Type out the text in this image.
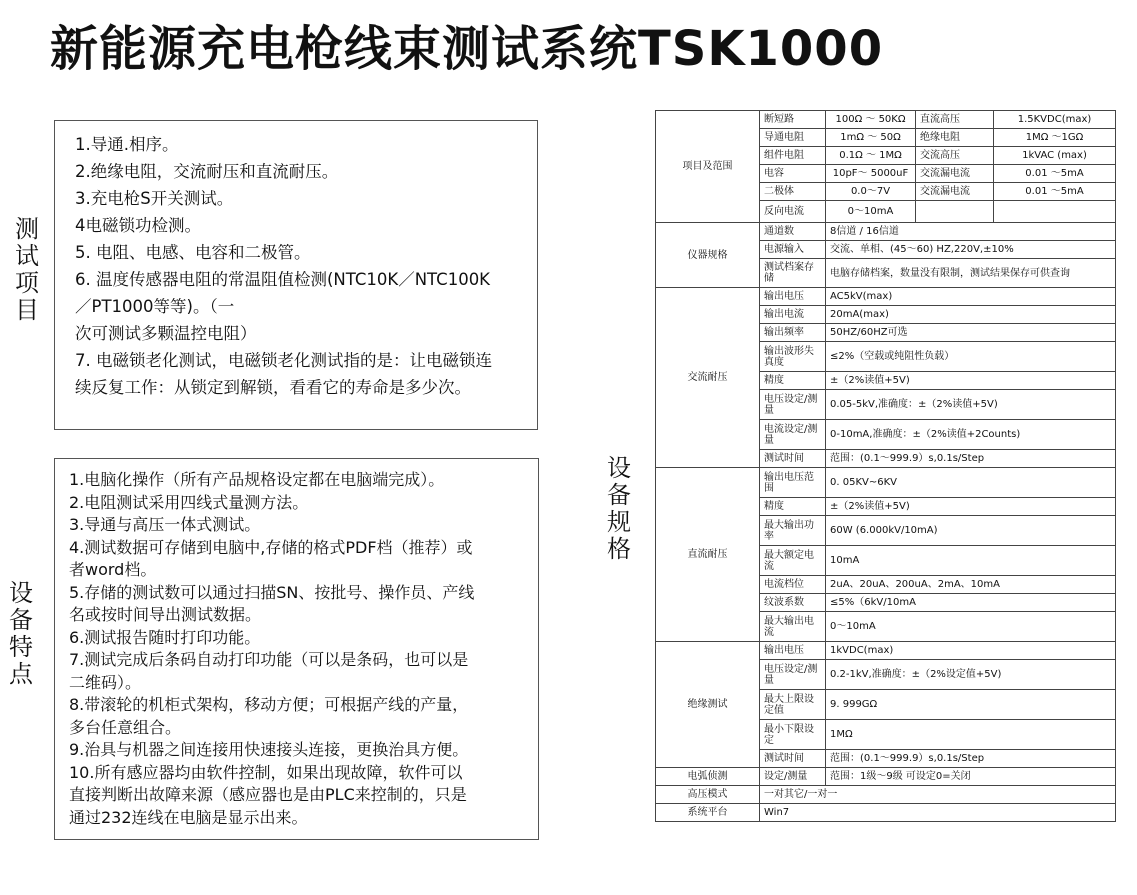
新能源充电枪线束测试系统TSK1000
测
试
项
目
设
备
特
点
设
备
规
格
1.导通.相序。
2.绝缘电阻，交流耐压和直流耐压。
3.充电枪S开关测试。
4电磁锁功检测。
5. 电阻、电感、电容和二极管。
6. 温度传感器电阻的常温阻值检测(NTC10K／NTC100K
／PT1000等等)。（一
次可测试多颗温控电阻）
7. 电磁锁老化测试，电磁锁老化测试指的是：让电磁锁连
续反复工作：从锁定到解锁，看看它的寿命是多少次。
1.电脑化操作（所有产品规格设定都在电脑端完成）。
2.电阻测试采用四线式量测方法。
3.导通与高压一体式测试。
4.测试数据可存储到电脑中,存储的格式PDF档（推荐）或
者word档。
5.存储的测试数可以通过扫描SN、按批号、操作员、产线
名或按时间导出测试数据。
6.测试报告随时打印功能。
7.测试完成后条码自动打印功能（可以是条码，也可以是
二维码）。
8.带滚轮的机柜式架构，移动方便；可根据产线的产量，
多台任意组合。
9.治具与机器之间连接用快速接头连接，更换治具方便。
10.所有感应器均由软件控制，如果出现故障，软件可以
直接判断出故障来源（感应器也是由PLC来控制的，只是
通过232连线在电脑是显示出来。
项目及范围	断短路	100Ω ～ 50KΩ	直流高压	1.5KVDC(max)
	导通电阻	1mΩ ～ 50Ω	绝缘电阻	1MΩ ～1GΩ
	组件电阻	0.1Ω ～ 1MΩ	交流高压	1kVAC (max)
	电容	10pF～ 5000uF	交流漏电流	0.01 ～5mA
	二极体	0.0～7V	交流漏电流	0.01 ～5mA
	反向电流	0～10mA		
仪器规格	通道数	8信道 / 16信道		
	电源输入	交流、单相、(45～60) HZ,220V,±10%		
	测试档案存储	电脑存储档案，数量没有限制，测试结果保存可供查询		
交流耐压	输出电压	AC5kV(max)		
	输出电流	20mA(max)		
	输出频率	50HZ/60HZ可选		
	输出波形失真度	≤2%（空载或纯阻性负载）		
	精度	±（2%读值+5V)		
	电压设定/测量	0.05-5kV,准确度：±（2%读值+5V)		
	电流设定/测量	0-10mA,准确度：±（2%读值+2Counts)		
	测试时间	范围：(0.1～999.9）s,0.1s/Step		
直流耐压	输出电压范围	0. 05KV~6KV		
	精度	±（2%读值+5V)		
	最大输出功率	60W (6.000kV/10mA)		
	最大额定电流	10mA		
	电流档位	2uA、20uA、200uA、2mA、10mA		
	纹波系数	≤5%（6kV/10mA		
	最大输出电流	0～10mA		
绝缘测试	输出电压	1kVDC(max)		
	电压设定/测量	0.2-1kV,准确度：±（2%设定值+5V)		
	最大上限设定值	9. 999GΩ		
	最小下限设定	1MΩ		
	测试时间	范围：(0.1～999.9）s,0.1s/Step		
电弧侦测	设定/测量	范围：1级～9级 可设定0=关闭		
高压模式	一对其它/一对一			
系统平台	Win7			
